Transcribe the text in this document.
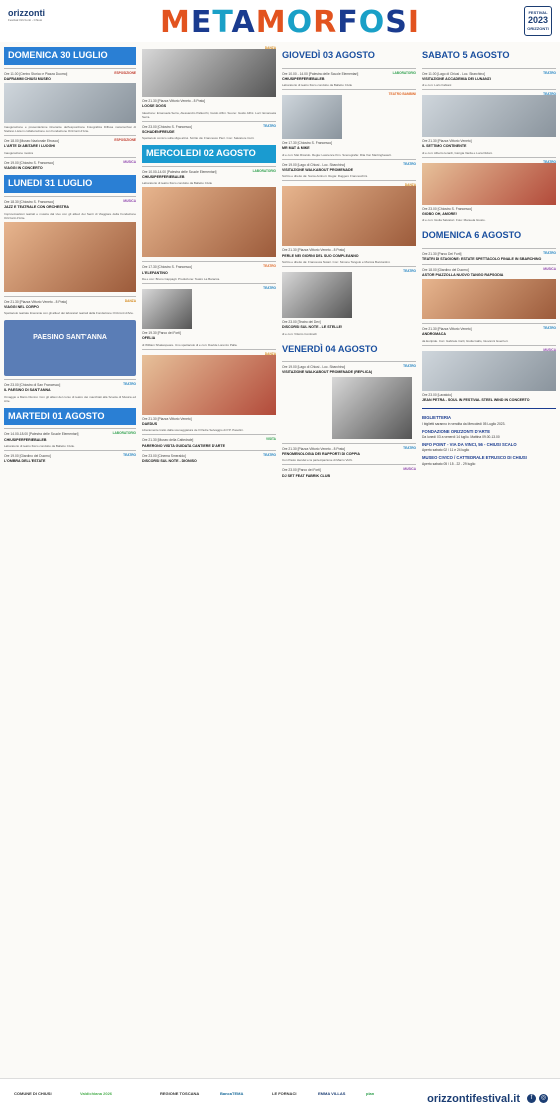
orizzonti
Festival Orizzonti - Chiusi	METAMORFOSI	FESTIVAL
2023
ORIZZONTI
DOMENICA 30 LUGLIO
Ore 11.00 [Centro Storico e Piazza Duomo]
DAFRAMMI CHIUSI MUSEO
ESPOSIZIONE
Inaugurazione e presentazione itinerante dell'esposizione Fotografica Diffusa metamorfosi di Stefano Lista in collaborazione con Fondazione Orizzonti d'Arte.
Ore 18.00 [Museo Nazionale Etrusco]
L'ARTE DI ABITARE I LUOGHI
ESPOSIZIONE
Inaugurazione mostra
Ore 19.00 [Chiostro S. Francesco]
VIAGGI IN CONCERTO
MUSICA
LUNEDI 31 LUGLIO
Ore 18.30 [Chiostro S. Francesco]
JAZZ E TEATRALE CON ORCHESTRA
MUSICA
Improvvisazioni teatrali e musica dal vivo con gli allievi dei Senti di Viaggiare della Fondazione Orizzonti d'Arte.
Ore 21.30 [Piazza Vittorio Veneto - 8 Prato]
VIAGGI NEL CORPO
DANZA
Spettacolo teatrale itinerante con gli allievi dei laboratori teatrali della Fondazione Orizzonti d'Arte.
PAESINO SANT'ANNA
Ore 23.00 [Chiostro di San Francesco]
IL PAESINO DI SANT'ANNA
TEATRO
Omaggio a Mario Dionisi. Con gli allievi del corso di teatro dei macchiati alla Scuola di Musica ed Arte.
MARTEDI 01 AGOSTO
Ore 14.00-18.00 [Palestra delle Scuole Elementari]
CHIUSIPERFERIEBALEB
LABORATORIO
Laboratorio di teatro fisico condotto da Balletto Civile.
Ore 19.00 [Giardino del Duomo]
L'OMBRA DELL'ESTATE
TEATRO
Ore 21.30 [Piazza Vittorio Veneto - 8 Prato]
LOOSE DOGS
DANZA
Ideazione: Emanuela Serra, Alessandro Pallecchi, Guido Alfini. Suono: Guido Alfini. Luci: Emanuela Serra.
Ore 23.00 [Chiostro S. Francesco]
SCHADENFREUDE
TEATRO
Spettacolo comico sulla sfiga altrui. Scritto da: Francesco Pieri. Con: Salvatore Cutri.
MERCOLEDI 02 AGOSTO
Ore 10.00-14.00 [Palestra delle Scuole Elementari]
CHIUSIPERFERIEBALEB
LABORATORIO
Laboratorio di teatro fisico condotto da Balletto Civile
Ore 17.30 [Chiostro S. Francesco]
L'ELEFANTINO
TEATRO
Da e con: Bruno Cappagli. Produzione: Teatro La Baracca.
Ore 19.30 [Parco dei Forti]
OFELIA
TEATRO
di William Shakespeare. Uno spettacolo di e con: Davide Lorenzo Palla.
Ore 21.30 [Piazza Vittorio Veneto]
DAEDUS
DANZA
Liberamente tratto dalla sceneggiatura de Il Padre Selvaggio di P.P. Pasolini.
Ore 21.30 [Museo della Cattedrale]
PARERONO VISITA GUIDATA CANTIERE D'ARTE
VISITA
Ore 23.00 [Cinema Smeraldo]
DISCORSI SUL NOTE - DIONISO
TEATRO
GIOVEDÌ 03 AGOSTO
Ore 10.00 - 14.00 [Palestra delle Scuole Elementari]
CHIUSIPERFERIEBALEB
LABORATORIO
Laboratorio di teatro fisico condotto da Balletto Civile
Ore 17.30 [Chiostro S. Francesco]
MR MAT & MIKE
TEATRO BAMBINI
di e con: Mat Ricardo. Regia: Lawrence Kim. Scenografie: Rita Von Martinghewelt.
Ore 19.00 [Lago di Chiusi - Loc. Sbarchino]
VISITAZIONE WALKABOUT PROMENADE
TEATRO
Scritto e diretto da: Sonia Antinori. Regia: Ruggero Franceschini.
Ore 21.30 [Piazza Vittorio Veneto - 8 Prato]
PERLE NEI GIORNI DEL SUO COMPLEANNO
DANZA
Scritto e diretto da: Francesca Notari. Con: Simone Tangolo e Monica Bucciantini.
Ore 23.00 [Teatro dei Dev]
DISCORSI SUL NOTE - LE STELLE!
TEATRO
di e con: Vittorio Continelli
VENERDÌ 04 AGOSTO
Ore 19.00 [Lago di Chiusi - Loc. Sbarchino]
VISITAZIONE WALKABOUT PROMENADE (REPLICA)
TEATRO
Ore 21.30 [Piazza Vittorio Veneto - 8 Prato]
FENOMENOLOGIA DEI RAPPORTI DI COPPIA
TEATRO
Con Paolo Hendel e la partecipazione di Marco Vichi.
Ore 23.00 [Parco dei Forti]
DJ SET FEAT FABRIK CLUB
MUSICA
SABATO 5 AGOSTO
Ore 11.00 [Lago di Chiusi - Loc. Sbarchino]
VISITAZIONE ACCADEMIA DEI LUNANZI
TEATRO
di e con: Loris Fabiani
Ore 21.30 [Piazza Vittorio Veneto]
IL SETTIMO CONTINENTE
TEATRO
di e con: Alberto Ierardi, Giorgia Varda e Luca Didoni.
Ore 23.00 [Chiostro S. Francesco]
GIOBO OH, AMORE!
TEATRO
di e con: Giulia Salvatori. Foto: Manuela Giusto.
DOMENICA 6 AGOSTO
Ore 21.30 [Parco Dei Forti]
TEATRI DI STAGIONE: ESTATE SPETTACOLO FINALE IN SBARCHINO
TEATRO
Ore 18.00 [Giardino del Duomo]
ASTOR PIAZZOLLA NUOVO TANGO RAPSODIA
MUSICA
Ore 21.30 [Piazza Vittorio Veneto]
ANDROMACA
TEATRO
da Euripide. Con: Gabriele Carli, Giulia Gallo, Giovanni Guerrieri.
Ore 23.00 [Lavatoio]
JEAN PETRA - SOUL IN FESTIVAL STEEL WIND IN CONCERTO
MUSICA
BIGLIETTERIA
I biglietti saranno in vendita da Mercoledì 05 Luglio 2023.
FONDAZIONE ORIZZONTI D'ARTE
Da lunedì 03 a venerdì 14 luglio. Mattina 09.00-13.00
INFO POINT - VIA DA VINCI, 56 - CHIUSI SCALO
Aperto sabato 02 / 11 e 24 luglio
MUSEO CIVICO / CATTEDRALE ETRUSCO DI CHIUSI
Aperto sabato 05 / 15 - 22 - 29 luglio
COMUNE DI CHIUSI	Valdichiana 2026	REGIONE TOSCANA	BancaTEMA	LE FORNACI	EMMA VILLAS	plan	orizzontifestival.it	f	◎
